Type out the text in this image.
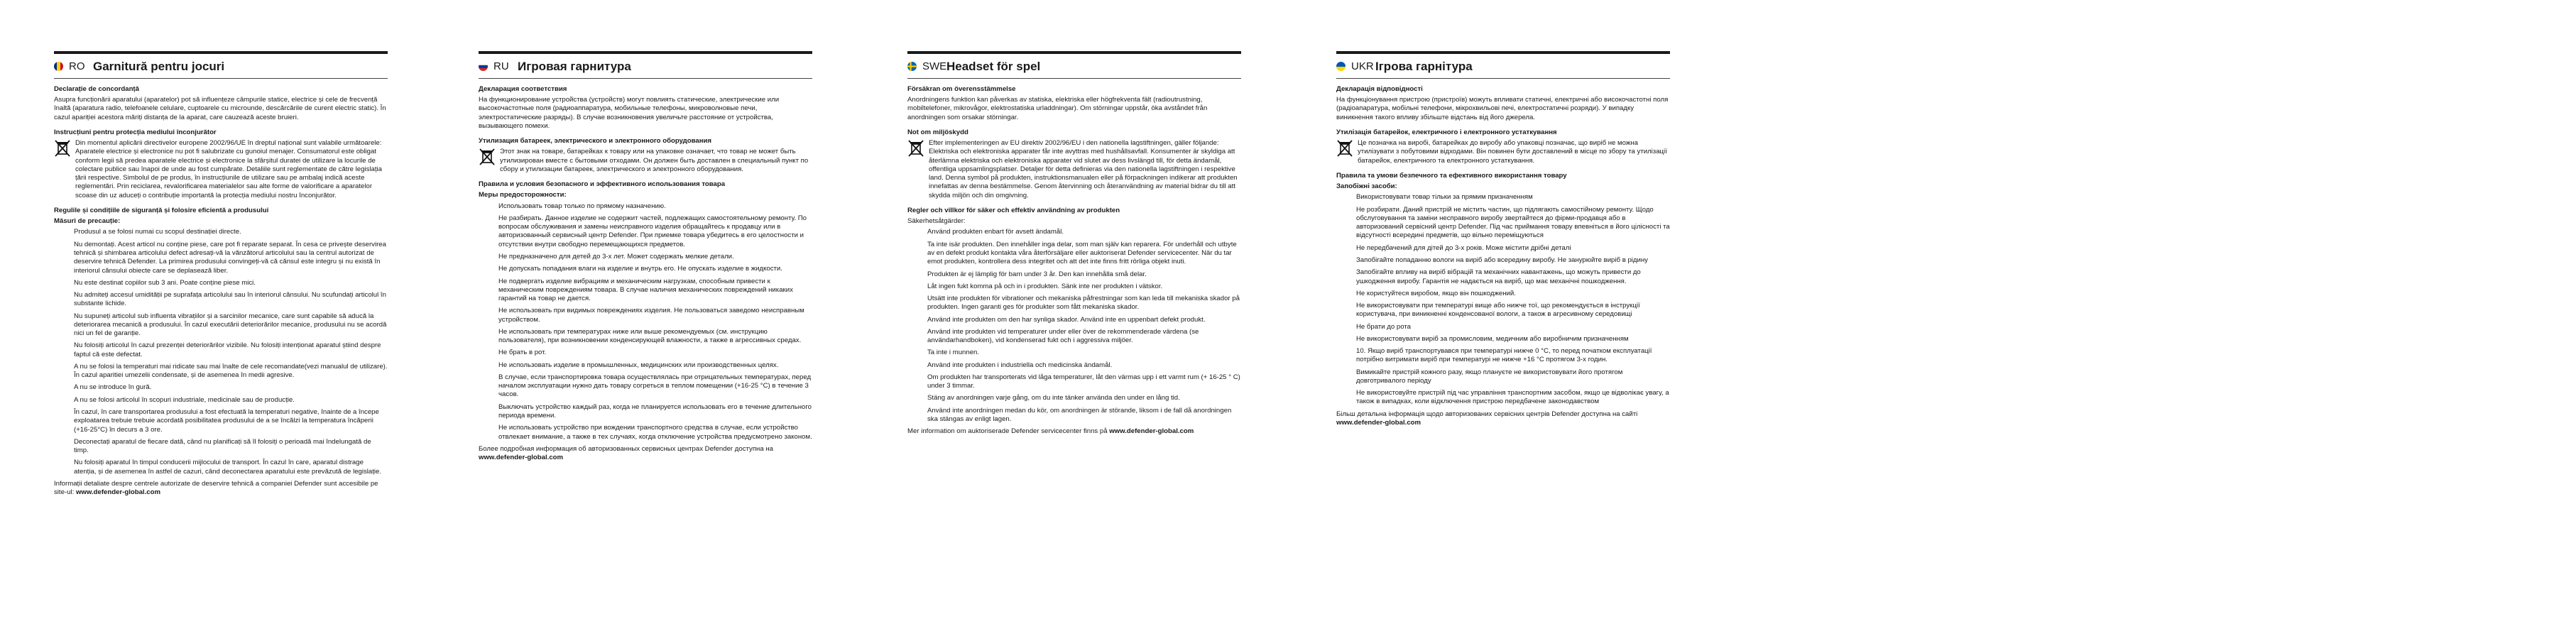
RO Garnitură pentru jocuri
Declarație de concordanță

Asupra funcționării aparatului (aparatelor) pot să influențeze câmpurile statice, electrice și cele de frecvență înaltă (aparatura radio, telefoanele celulare, cuptoarele cu microunde, descărcările de curent electric static). În cazul apariției acestora măriți distanța de la aparat, care cauzează aceste bruieri.

Instrucțiuni pentru protecția mediului înconjurător
Din momentul aplicării directivelor europene 2002/96/UE în dreptul național sunt valabile următoarele: Aparatele electrice și electronice nu pot fi salubrizate cu gunoiul menajer. Consumatorul este obligat conform legii să predea aparatele electrice și electronice la sfârșitul duratei de utilizare la locurile de colectare publice sau înapoi de unde au fost cumpărate. Detaliile sunt reglementate de către legislația țării respective. Simbolul de pe produs, în instrucțiunile de utilizare sau pe ambalaj indică aceste reglementări. Prin reciclarea, revalorificarea materialelor sau alte forme de valorificare a aparatelor scoase din uz aduceți o contribuție importantă la protecția mediului nostru înconjurător.
Regulile și condițiile de siguranță și folosire eficientă a produsului
Măsuri de precauție:
Produsul a se folosi numai cu scopul destinației directe.
Nu demontați. Acest articol nu conține piese, care pot fi reparate separat. În cesa ce privește deservirea tehnică și shimbarea articolului defect adresați-vă la vănzătorul articolului sau la centrul autorizat de deservire tehnică Defender. La primirea produsului convingeți-vă că cănsul este integru și nu există în interiorul cănsului obiecte care se deplasează liber.
Nu este destinat copiilor sub 3 ani. Poate conține piese mici.
Nu admiteți accesul umidității pe suprafața articolului sau în interiorul cănsului. Nu scufundați articolul în substante lichide.
Nu supuneți articolul sub influenta vibrațiilor și a sarcinilor mecanice, care sunt capabile să aducă la deteriorarea mecanică a produsului. În cazul executării deteriorărilor mecanice, produsului nu se acordă nici un fel de garanție.
Nu folosiți articolul în cazul prezenței deteriorărilor vizibile. Nu folosiți intenționat aparatul știind despre faptul că este defectat.
A nu se folosi la temperaturi mai ridicate sau mai înalte de cele recomandate(vezi manualul de utilizare). În cazul aparitiei umezelii condensate, și de asemenea în medii agresive.
A nu se introduce în gură.
A nu se folosi articolul în scopuri industriale, medicinale sau de producție.
În cazul, în care transportarea produsului a fost efectuată la temperaturi negative, înainte de a începe exploatarea trebuie trebuie acordată posibilitatea produsului de a se încălzi la temperatura încăperii (+16-25°C) în decurs a 3 ore.
Deconectați aparatul de fiecare dată, când nu planificați să îl folosiți o perioadă mai îndelungată de timp.
Nu folosiți aparatul în timpul conducerii mijlocului de transport. În cazul în care, aparatul distrage atenția, și de asemenea în astfel de cazuri, când deconectarea aparatului este prevăzută de legislație.

Informații detaliate despre centrele autorizate de deservire tehnică a companiei Defender sunt accesibile pe site-ul: www.defender-global.com

RU Игровая гарнитура
Декларация соответствия

На функционирование устройства (устройств) могут повлиять статические, электрические или высокочастотные поля (радиоаппаратура, мобильные телефоны, микроволновые печи, электростатические разряды). В случае возникновения увеличьте расстояние от устройства, вызывающего помехи.

Утилизация батареек, электрического и электронного оборудования
Этот знак на товаре, батарейках к товару или на упаковке означает, что товар не может быть утилизирован вместе с бытовыми отходами. Он должен быть доставлен в специальный пункт по сбору и утилизации батареек, электрического и электронного оборудования.
Правила и условия безопасного и эффективного использования товара
Меры предосторожности:
Использовать товар только по прямому назначению.
Не разбирать. Данное изделие не содержит частей, подлежащих самостоятельному ремонту. По вопросам обслуживания и замены неисправного изделия обращайтесь к продавцу или в авторизованный сервисный центр Defender. При приемке товара убедитесь в его целостности и отсутствии внутри свободно перемещающихся предметов.
Не предназначено для детей до 3-х лет. Может содержать мелкие детали.
Не допускать попадания влаги на изделие и внутрь его. Не опускать изделие в жидкости.
Не подвергать изделие вибрациям и механическим нагрузкам, способным привести к механическим повреждениям товара. В случае наличия механических повреждений никаких гарантий на товар не дается.
Не использовать при видимых повреждениях изделия. Не пользоваться заведомо неисправным устройством.
Не использовать при температурах ниже или выше рекомендуемых (см. инструкцию пользователя), при возникновении конденсирующей влажности, а также в агрессивных средах.
Не брать в рот.
Не использовать изделие в промышленных, медицинских или производственных целях.
В случае, если транспортировка товара осуществлялась при отрицательных температурах, перед началом эксплуатации нужно дать товару согреться в теплом помещении (+16-25 °С) в течение 3 часов.
Выключать устройство каждый раз, когда не планируется использовать его в течение длительного периода времени.
Не использовать устройство при вождении транспортного средства в случае, если устройство отвлекает внимание, а также в тех случаях, когда отключение устройства предусмотрено законом.

Более подробная информация об авторизованных сервисных центрах Defender доступна на www.defender-global.com

SWE Headset för spel
Försäkran om överensstämmelse

Anordningens funktion kan påverkas av statiska, elektriska eller högfrekventa fält (radioutrustning, mobiltelefoner, mikrovågor, elektrostatiska urladdningar). Om störningar uppstår, öka avståndet från anordningen som orsakar störningar.

Not om miljöskydd
Efter implementeringen av EU direktiv 2002/96/EU i den nationella lagstiftningen, gäller följande: Elektriska och elektroniska apparater får inte avyttras med hushållsavfall. Konsumenter är skyldiga att återlämna elektriska och elektroniska apparater vid slutet av dess livslängd till, för detta ändamål, offentliga uppsamlingsplatser. Detaljer för detta definieras via den nationella lagstiftningen i respektive land. Denna symbol på produkten, instruktionsmanualen eller på förpackningen indikerar att produkten innefattas av denna bestämmelse. Genom återvinning och återanvändning av material bidrar du till att skydda miljön och din omgivning.
Regler och villkor för säker och effektiv användning av produkten
Säkerhetsåtgärder:
Använd produkten enbart för avsett ändamål.
Ta inte isär produkten. Den innehåller inga delar, som man själv kan reparera. För underhåll och utbyte av en defekt produkt kontakta våra återförsäljare eller auktoriserat Defender servicecenter. När du tar emot produkten, kontrollera dess integritet och att det inte finns fritt rörliga objekt inuti.
Produkten är ej lämplig för barn under 3 år. Den kan innehålla små delar.
Låt ingen fukt komma på och in i produkten. Sänk inte ner produkten i vätskor.
Utsätt inte produkten för vibrationer och mekaniska påfrestningar som kan leda till mekaniska skador på produkten. Ingen garanti ges för produkter som fått mekaniska skador.
Använd inte produkten om den har synliga skador. Använd inte en uppenbart defekt produkt.
Använd inte produkten vid temperaturer under eller över de rekommenderade värdena (se användarhandboken), vid kondenserad fukt och i aggressiva miljöer.
Ta inte i munnen.
Använd inte produkten i industriella och medicinska ändamål.
Om produkten har transporterats vid låga temperaturer, låt den värmas upp i ett varmt rum (+ 16-25 ° C) under 3 timmar.
Stäng av anordningen varje gång, om du inte tänker använda den under en lång tid.
Använd inte anordningen medan du kör, om anordningen är störande, liksom i de fall då anordningen ska stängas av enligt lagen.

Mer information om auktoriserade Defender servicecenter finns på www.defender-global.com

UKR Ігрова гарнітура
Декларація відповідності

На функціонування пристрою (пристроїв) можуть впливати статичні, електричні або високочастотні поля (радіоапаратура, мобільні телефони, мікрохвильові печі, електростатичні розряди). У випадку виникнення такого впливу збільште відстань від його джерела.

Утилізація батарейок, електричного і електронного устаткування
Це позначка на виробі, батарейках до виробу або упаковці позначає, що виріб не можна утилізувати з побутовими відходами. Він повинен бути доставлений в місце по збору та утилізації батарейок, електричного та електронного устаткування.
Правила та умови безпечного та ефективного використання товару
Запобіжні засоби:
Використовувати товар тільки за прямим призначенням
Не розбирати. Даний пристрій не містить частин, що підлягають самостійному ремонту. Щодо обслуговування та заміни несправного виробу звертайтеся до фірми-продавця або в авторизований сервісний центр Defender. Під час приймання товару впевніться в його цілісності та відсутності всередині предметів, що вільно переміщуються
Не передбачений для дітей до 3-х років. Може містити дрібні деталі
Запобігайте попаданню вологи на виріб або всередину виробу. Не занурюйте виріб в рідину
Запобігайте впливу на виріб вібрацій та механічних навантажень, що можуть привести до ушкодження виробу. Гарантія не надається на виріб, що має механічні пошкодження.
Не користуйтеся виробом, якщо він пошкоджений.
Не використовувати при температурі вище або нижче тої, що рекомендується в інструкції користувача, при виникненні конденсованої вологи, а також в агресивному середовищі
Не брати до рота
Не використовувати виріб за промисловим, медичним або виробничим призначенням
10. Якщо виріб транспортувався при температурі нижче 0 °С, то перед початком експлуатації потрібно витримати виріб при температурі не нижче +16 °С протягом 3-х годин.
Вимикайте пристрій кожного разу, якщо плануєте не використовувати його протягом довготривалого періоду
Не використовуйте пристрій під час управління транспортним засобом, якщо це відволікає увагу, а також в випадках, коли відключення пристрою передбачене законодавством

Більш детальна інформація щодо авторизованих сервісних центрів Defender доступна на сайті www.defender-global.com
